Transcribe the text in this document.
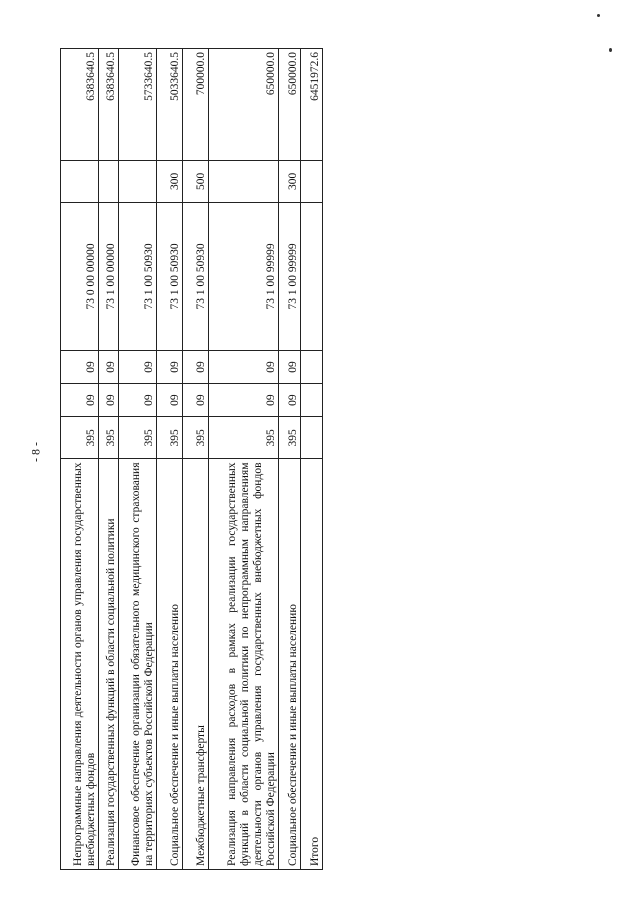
- 8 -
Непрограммные направления деятельности органов управления государственных внебюджетных фондов	395	09	09	73 0 00 00000		6383640.5
Реализация государственных функций в области социальной политики	395	09	09	73 1 00 00000		6383640.5
Финансовое обеспечение организации обязательного медицинского страхования на территориях субъектов Российской Федерации	395	09	09	73 1 00 50930		5733640.5
Социальное обеспечение и иные выплаты населению	395	09	09	73 1 00 50930	300	5033640.5
Межбюджетные трансферты	395	09	09	73 1 00 50930	500	700000.0
Реализация направления расходов в рамках реализации государственных функций в области социальной политики по непрограммным направлениям деятельности органов управления государственных внебюджетных фондов Российской Федерации	395	09	09	73 1 00 99999		650000.0
Социальное обеспечение и иные выплаты населению	395	09	09	73 1 00 99999	300	650000.0
Итого						6451972.6
